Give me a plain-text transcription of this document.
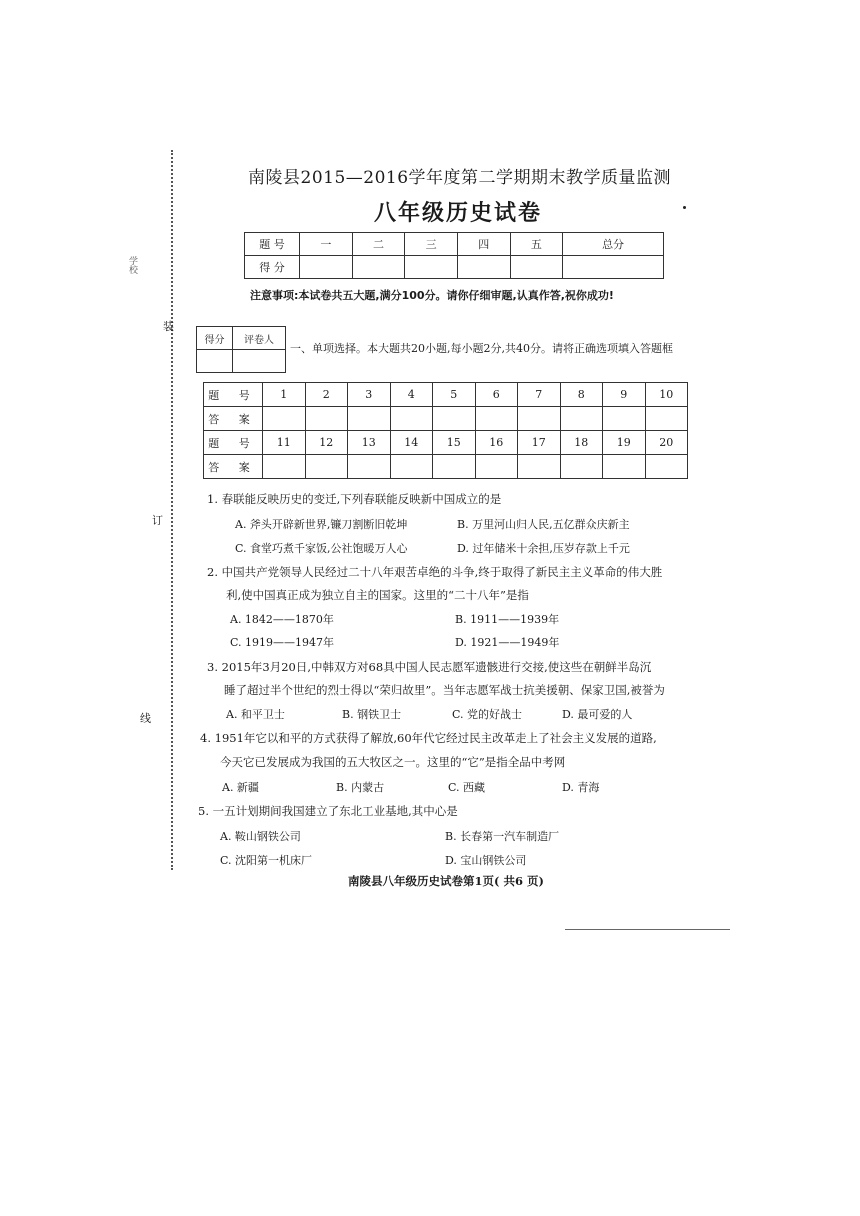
装
订
线
学校
南陵县2015—2016学年度第二学期期末教学质量监测
八年级历史试卷
题 号	一	二	三	四	五	总分
得 分						
注意事项:本试卷共五大题,满分100分。请你仔细审题,认真作答,祝你成功!
得分	评卷人

一、单项选择。本大题共20小题,每小题2分,共40分。请将正确选项填入答题框
题 号	1	2	3	4	5	6	7	8	9	10
答 案										
题 号	11	12	13	14	15	16	17	18	19	20
答 案										
1. 春联能反映历史的变迁,下列春联能反映新中国成立的是
A. 斧头开辟新世界,镰刀割断旧乾坤	B. 万里河山归人民,五亿群众庆新主
C. 食堂巧煮千家饭,公社饱暖万人心	D. 过年储米十余担,压岁存款上千元
2. 中国共产党领导人民经过二十八年艰苦卓绝的斗争,终于取得了新民主主义革命的伟大胜
利,使中国真正成为独立自主的国家。这里的“二十八年”是指
A. 1842——1870年	B. 1911——1939年
C. 1919——1947年	D. 1921——1949年
3. 2015年3月20日,中韩双方对68具中国人民志愿军遗骸进行交接,使这些在朝鲜半岛沉
睡了超过半个世纪的烈士得以“荣归故里”。当年志愿军战士抗美援朝、保家卫国,被誉为
A. 和平卫士	B. 钢铁卫士	C. 党的好战士	D. 最可爱的人
4. 1951年它以和平的方式获得了解放,60年代它经过民主改革走上了社会主义发展的道路,
今天它已发展成为我国的五大牧区之一。这里的“它”是指全品中考网
A. 新疆	B. 内蒙古	C. 西藏	D. 青海
5. 一五计划期间我国建立了东北工业基地,其中心是
A. 鞍山钢铁公司	B. 长春第一汽车制造厂
C. 沈阳第一机床厂	D. 宝山钢铁公司
南陵县八年级历史试卷第1页( 共6 页)
